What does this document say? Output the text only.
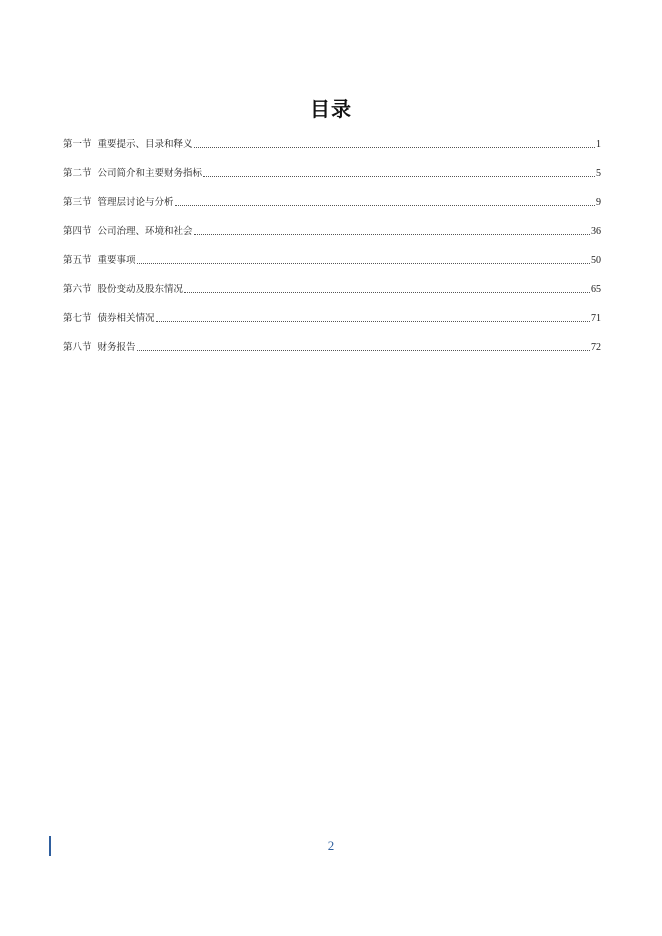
目录
第一节 重要提示、目录和释义	1
第二节 公司简介和主要财务指标	5
第三节 管理层讨论与分析	9
第四节 公司治理、环境和社会	36
第五节 重要事项	50
第六节 股份变动及股东情况	65
第七节 债券相关情况	71
第八节 财务报告	72
2
